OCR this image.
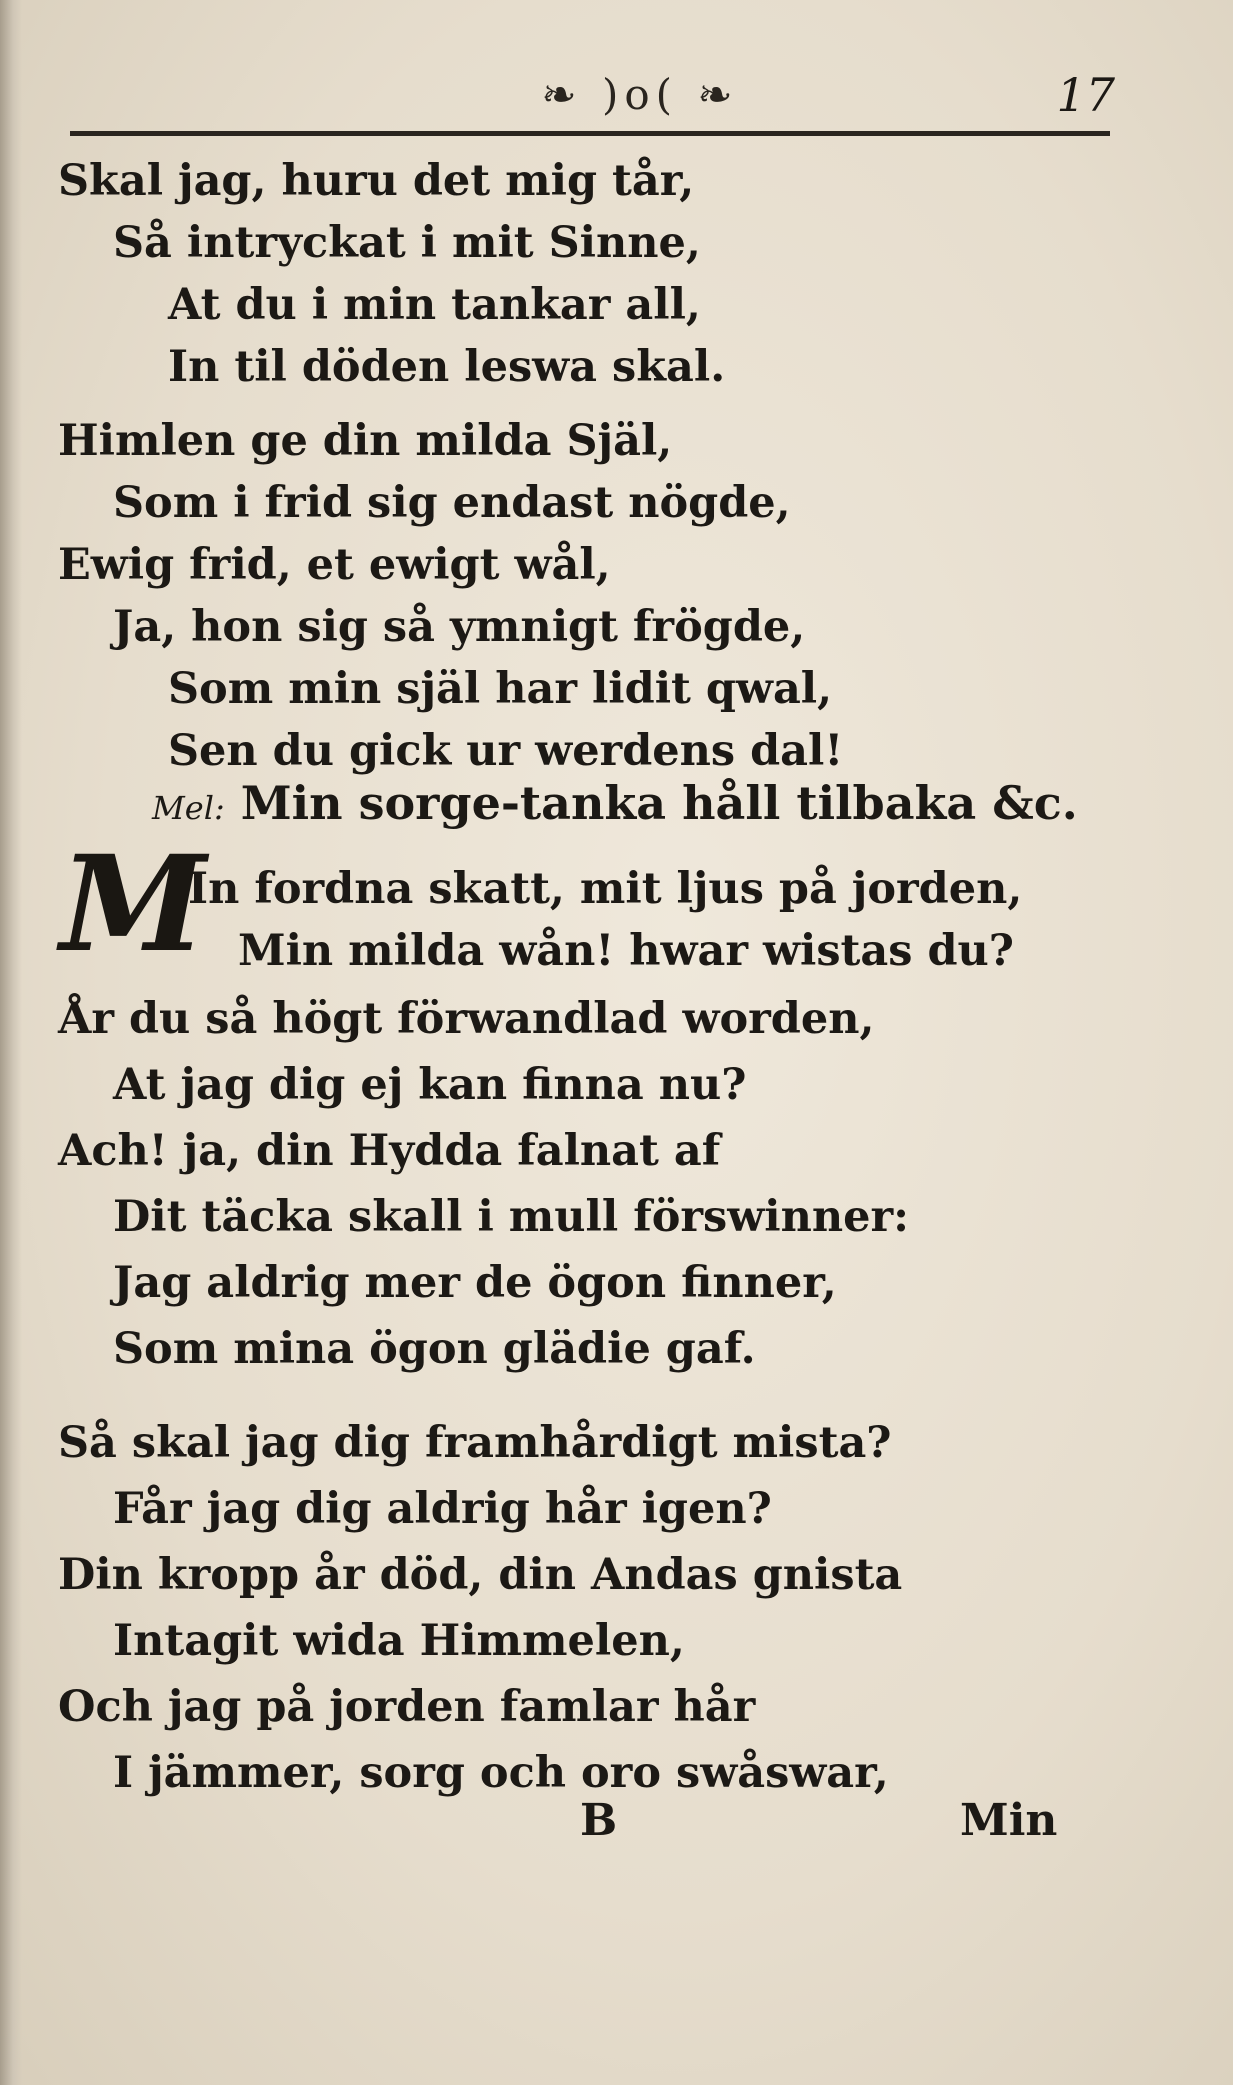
❧ )o( ❧	17
Skal jag, huru det mig tår,
Så intryckat i mit Sinne,
At du i min tankar all,
In til döden leswa skal.
Himlen ge din milda Själ,
Som i frid sig endast nögde,
Ewig frid, et ewigt wål,
Ja, hon sig så ymnigt frögde,
Som min själ har lidit qwal,
Sen du gick ur werdens dal!
In fordna skatt, mit ljus på jorden,
Min milda wån! hwar wistas du?
År du så högt förwandlad worden,
At jag dig ej kan finna nu?
Ach! ja, din Hydda falnat af
Dit täcka skall i mull förswinner:
Jag aldrig mer de ögon finner,
Som mina ögon glädie gaf.
Så skal jag dig framhårdigt mista?
Får jag dig aldrig hår igen?
Din kropp år död, din Andas gnista
Intagit wida Himmelen,
Och jag på jorden famlar hår
I jämmer, sorg och oro swåswar,
Mel: Min sorge-tanka håll tilbaka &c.
M
B	Min
